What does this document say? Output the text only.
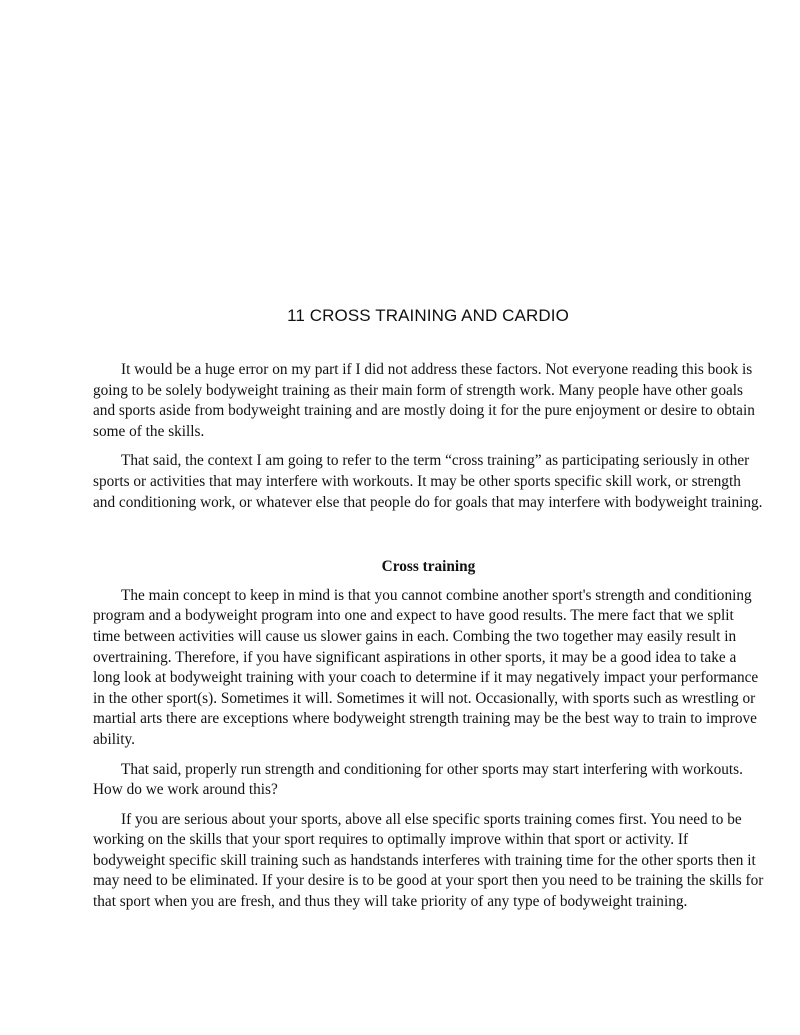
11 CROSS TRAINING AND CARDIO

It would be a huge error on my part if I did not address these factors. Not everyone reading this book is going to be solely bodyweight training as their main form of strength work. Many people have other goals and sports aside from bodyweight training and are mostly doing it for the pure enjoyment or desire to obtain some of the skills.

That said, the context I am going to refer to the term “cross training” as participating seriously in other sports or activities that may interfere with workouts. It may be other sports specific skill work, or strength and conditioning work, or whatever else that people do for goals that may interfere with bodyweight training.

Cross training

The main concept to keep in mind is that you cannot combine another sport's strength and conditioning program and a bodyweight program into one and expect to have good results. The mere fact that we split time between activities will cause us slower gains in each. Combing the two together may easily result in overtraining. Therefore, if you have significant aspirations in other sports, it may be a good idea to take a long look at bodyweight training with your coach to determine if it may negatively impact your performance in the other sport(s). Sometimes it will. Sometimes it will not. Occasionally, with sports such as wrestling or martial arts there are exceptions where bodyweight strength training may be the best way to train to improve ability.

That said, properly run strength and conditioning for other sports may start interfering with workouts. How do we work around this?

If you are serious about your sports, above all else specific sports training comes first. You need to be working on the skills that your sport requires to optimally improve within that sport or activity. If bodyweight specific skill training such as handstands interferes with training time for the other sports then it may need to be eliminated. If your desire is to be good at your sport then you need to be training the skills for that sport when you are fresh, and thus they will take priority of any type of bodyweight training.
